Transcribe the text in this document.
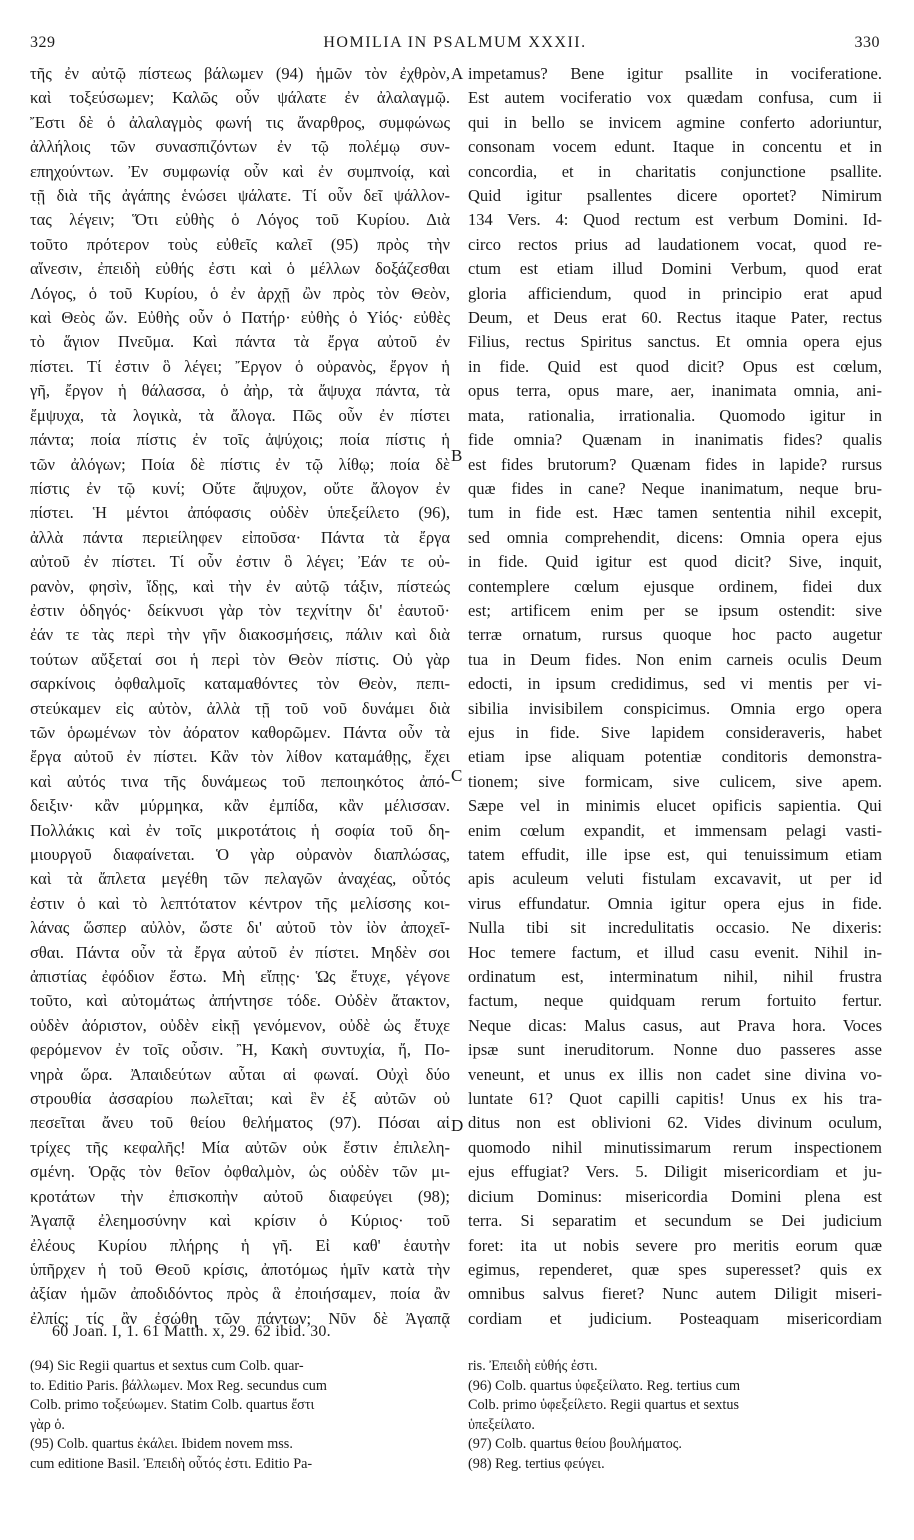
329	HOMILIA IN PSALMUM XXXII.	330
τῆς ἐν αὐτῷ πίστεως βάλωμεν (94) ἡμῶν τὸν ἐχθρὸν,
καὶ τοξεύσωμεν; Καλῶς οὖν ψάλατε ἐν ἀλαλαγμῷ.
Ἔστι δὲ ὁ ἀλαλαγμὸς φωνή τις ἄναρθρος, συμφώνως
ἀλλήλοις τῶν συνασπιζόντων ἐν τῷ πολέμῳ συν-
επηχούντων. Ἐν συμφωνίᾳ οὖν καὶ ἐν συμπνοίᾳ, καὶ
τῇ διὰ τῆς ἀγάπης ἑνώσει ψάλατε. Τί οὖν δεῖ ψάλλον-
τας λέγειν; Ὅτι εὐθὴς ὁ Λόγος τοῦ Κυρίου. Διὰ
τοῦτο πρότερον τοὺς εὐθεῖς καλεῖ (95) πρὸς τὴν
αἴνεσιν, ἐπειδὴ εὐθής ἐστι καὶ ὁ μέλλων δοξάζεσθαι
Λόγος, ὁ τοῦ Κυρίου, ὁ ἐν ἀρχῇ ὢν πρὸς τὸν Θεὸν,
καὶ Θεὸς ὤν. Εὐθὴς οὖν ὁ Πατήρ· εὐθὴς ὁ Υἱός· εὐθὲς
τὸ ἅγιον Πνεῦμα. Καὶ πάντα τὰ ἔργα αὐτοῦ ἐν
πίστει. Τί ἐστιν ὃ λέγει; Ἔργον ὁ οὐρανὸς, ἔργον ἡ
γῆ, ἔργον ἡ θάλασσα, ὁ ἀὴρ, τὰ ἄψυχα πάντα, τὰ
ἔμψυχα, τὰ λογικὰ, τὰ ἄλογα. Πῶς οὖν ἐν πίστει
πάντα; ποία πίστις ἐν τοῖς ἀψύχοις; ποία πίστις ἡ
τῶν ἀλόγων; Ποία δὲ πίστις ἐν τῷ λίθῳ; ποία δὲ
πίστις ἐν τῷ κυνί; Οὔτε ἄψυχον, οὔτε ἄλογον ἐν
πίστει. Ἡ μέντοι ἀπόφασις οὐδὲν ὑπεξείλετο (96),
ἀλλὰ πάντα περιείληφεν εἰποῦσα· Πάντα τὰ ἔργα
αὐτοῦ ἐν πίστει. Τί οὖν ἐστιν ὃ λέγει; Ἐάν τε οὐ-
ρανὸν, φησὶν, ἴδῃς, καὶ τὴν ἐν αὐτῷ τάξιν, πίστεώς
ἐστιν ὁδηγός· δείκνυσι γὰρ τὸν τεχνίτην δι' ἑαυτοῦ·
ἐάν τε τὰς περὶ τὴν γῆν διακοσμήσεις, πάλιν καὶ διὰ
τούτων αὔξεταί σοι ἡ περὶ τὸν Θεὸν πίστις. Οὐ γὰρ
σαρκίνοις ὀφθαλμοῖς καταμαθόντες τὸν Θεὸν, πεπι-
στεύκαμεν εἰς αὐτὸν, ἀλλὰ τῇ τοῦ νοῦ δυνάμει διὰ
τῶν ὁρωμένων τὸν ἀόρατον καθορῶμεν. Πάντα οὖν τὰ
ἔργα αὐτοῦ ἐν πίστει. Κἂν τὸν λίθον καταμάθῃς, ἔχει
καὶ αὐτός τινα τῆς δυνάμεως τοῦ πεποιηκότος ἀπό-
δειξιν· κἂν μύρμηκα, κἂν ἐμπίδα, κἂν μέλισσαν.
Πολλάκις καὶ ἐν τοῖς μικροτάτοις ἡ σοφία τοῦ δη-
μιουργοῦ διαφαίνεται. Ὁ γὰρ οὐρανὸν διαπλώσας,
καὶ τὰ ἄπλετα μεγέθη τῶν πελαγῶν ἀναχέας, οὗτός
ἐστιν ὁ καὶ τὸ λεπτότατον κέντρον τῆς μελίσσης κοι-
λάνας ὥσπερ αὐλὸν, ὥστε δι' αὐτοῦ τὸν ἰὸν ἀποχεῖ-
σθαι. Πάντα οὖν τὰ ἔργα αὐτοῦ ἐν πίστει. Μηδὲν σοι
ἀπιστίας ἐφόδιον ἔστω. Μὴ εἴπῃς· Ὡς ἔτυχε, γέγονε
τοῦτο, καὶ αὐτομάτως ἀπήντησε τόδε. Οὐδὲν ἄτακτον,
οὐδὲν ἀόριστον, οὐδὲν εἰκῇ γενόμενον, οὐδὲ ὡς ἔτυχε
φερόμενον ἐν τοῖς οὖσιν. Ἢ, Κακὴ συντυχία, ἤ, Πο-
νηρὰ ὥρα. Ἀπαιδεύτων αὗται αἱ φωναί. Οὐχὶ δύο
στρουθία ἀσσαρίου πωλεῖται; καὶ ἓν ἐξ αὐτῶν οὐ
πεσεῖται ἄνευ τοῦ θείου θελήματος (97). Πόσαι αἱ
τρίχες τῆς κεφαλῆς! Μία αὐτῶν οὐκ ἔστιν ἐπιλελη-
σμένη. Ὁρᾷς τὸν θεῖον ὀφθαλμὸν, ὡς οὐδὲν τῶν μι-
κροτάτων τὴν ἐπισκοπὴν αὐτοῦ διαφεύγει (98);
Ἀγαπᾷ ἐλεημοσύνην καὶ κρίσιν ὁ Κύριος· τοῦ
ἐλέους Κυρίου πλήρης ἡ γῆ. Εἰ καθ' ἑαυτὴν
ὑπῆρχεν ἡ τοῦ Θεοῦ κρίσις, ἀποτόμως ἡμῖν κατὰ τὴν
ἀξίαν ἡμῶν ἀποδιδόντος πρὸς ἃ ἐποιήσαμεν, ποία ἂν
ἐλπίς; τίς ἂν ἐσώθη τῶν πάντων; Νῦν δὲ Ἀγαπᾷ
impetamus? Bene igitur psallite in vociferatione.
Est autem vociferatio vox quædam confusa, cum ii
qui in bello se invicem agmine conferto adoriuntur,
consonam vocem edunt. Itaque in concentu et in
concordia, et in charitatis conjunctione psallite.
Quid igitur psallentes dicere oportet? Nimirum
134 Vers. 4: Quod rectum est verbum Domini. Id-
circo rectos prius ad laudationem vocat, quod re-
ctum est etiam illud Domini Verbum, quod erat
gloria afficiendum, quod in principio erat apud
Deum, et Deus erat 60. Rectus itaque Pater, rectus
Filius, rectus Spiritus sanctus. Et omnia opera ejus
in fide. Quid est quod dicit? Opus est cœlum,
opus terra, opus mare, aer, inanimata omnia, ani-
mata, rationalia, irrationalia. Quomodo igitur in
fide omnia? Quænam in inanimatis fides? qualis
est fides brutorum? Quænam fides in lapide? rursus
quæ fides in cane? Neque inanimatum, neque bru-
tum in fide est. Hæc tamen sententia nihil excepit,
sed omnia comprehendit, dicens: Omnia opera ejus
in fide. Quid igitur est quod dicit? Sive, inquit,
contemplere cœlum ejusque ordinem, fidei dux
est; artificem enim per se ipsum ostendit: sive
terræ ornatum, rursus quoque hoc pacto augetur
tua in Deum fides. Non enim carneis oculis Deum
edocti, in ipsum credidimus, sed vi mentis per vi-
sibilia invisibilem conspicimus. Omnia ergo opera
ejus in fide. Sive lapidem consideraveris, habet
etiam ipse aliquam potentiæ conditoris demonstra-
tionem; sive formicam, sive culicem, sive apem.
Sæpe vel in minimis elucet opificis sapientia. Qui
enim cœlum expandit, et immensam pelagi vasti-
tatem effudit, ille ipse est, qui tenuissimum etiam
apis aculeum veluti fistulam excavavit, ut per id
virus effundatur. Omnia igitur opera ejus in fide.
Nulla tibi sit incredulitatis occasio. Ne dixeris:
Hoc temere factum, et illud casu evenit. Nihil in-
ordinatum est, interminatum nihil, nihil frustra
factum, neque quidquam rerum fortuito fertur.
Neque dicas: Malus casus, aut Prava hora. Voces
ipsæ sunt ineruditorum. Nonne duo passeres asse
veneunt, et unus ex illis non cadet sine divina vo-
luntate 61? Quot capilli capitis! Unus ex his tra-
ditus non est oblivioni 62. Vides divinum oculum,
quomodo nihil minutissimarum rerum inspectionem
ejus effugiat? Vers. 5. Diligit misericordiam et ju-
dicium Dominus: misericordia Domini plena est
terra. Si separatim et secundum se Dei judicium
foret: ita ut nobis severe pro meritis eorum quæ
egimus, rependeret, quæ spes superesset? quis ex
omnibus salvus fieret? Nunc autem Diligit miseri-
cordiam et judicium. Posteaquam misericordiam
A
B
C
D
60 Joan. I, 1. 61 Matth. x, 29. 62 ibid. 30.
(94) Sic Regii quartus et sextus cum Colb. quar-
to. Editio Paris. βάλλωμεν. Mox Reg. secundus cum
Colb. primo τοξεύωμεν. Statim Colb. quartus ἔστι
γὰρ ὁ.
(95) Colb. quartus ἐκάλει. Ibidem novem mss.
cum editione Basil. Ἐπειδὴ οὗτός ἐστι. Editio Pa-
ris. Ἐπειδὴ εὐθής ἐστι.
(96) Colb. quartus ὑφεξείλατο. Reg. tertius cum
Colb. primo ὑφεξείλετο. Regii quartus et sextus
ὑπεξείλατο.
(97) Colb. quartus θείου βουλήματος.
(98) Reg. tertius φεύγει.
